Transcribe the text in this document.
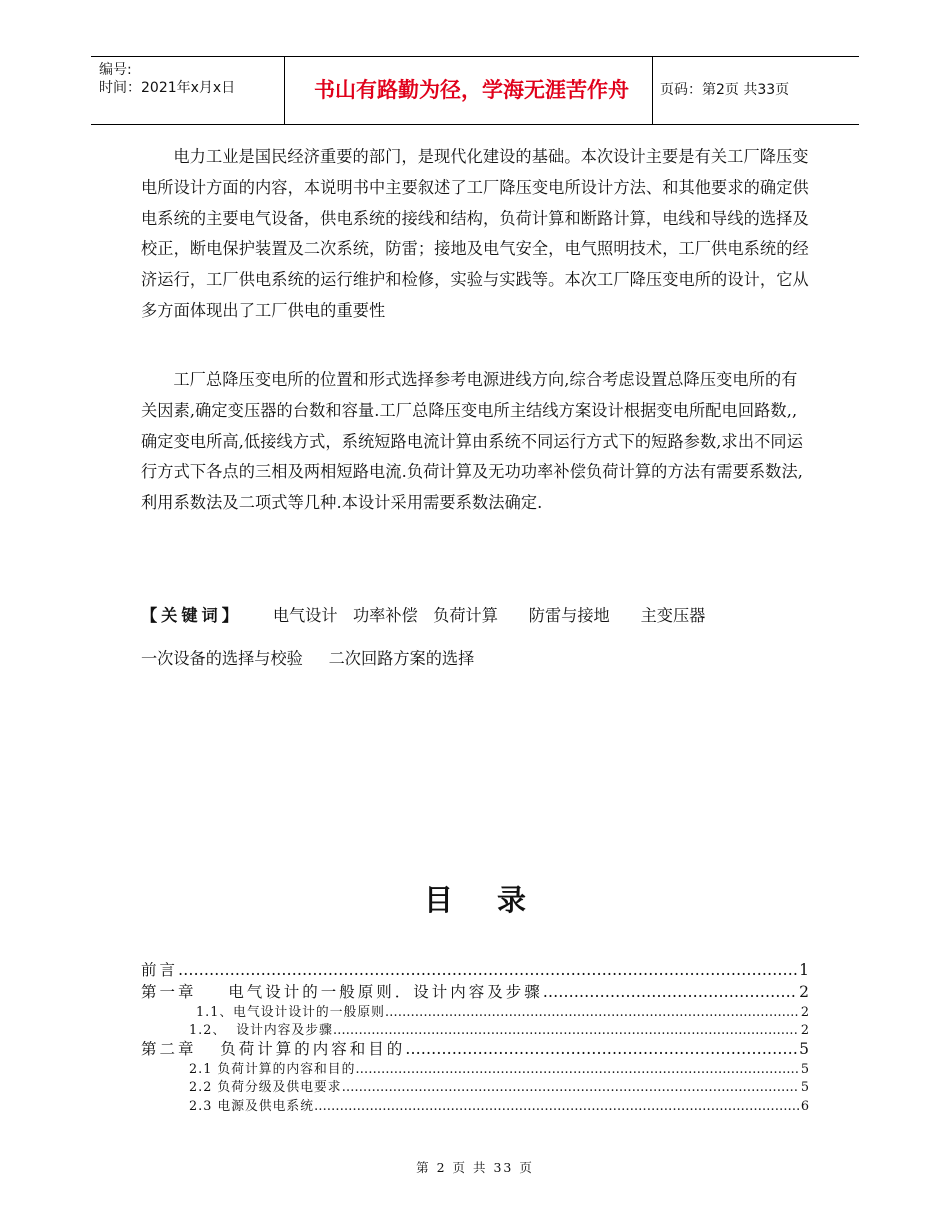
编号:
时间：2021年x月x日	书山有路勤为径，学海无涯苦作舟	页码：第2页 共33页

电力工业是国民经济重要的部门，是现代化建设的基础。本次设计主要是有关工厂降压变电所设计方面的内容，本说明书中主要叙述了工厂降压变电所设计方法、和其他要求的确定供电系统的主要电气设备，供电系统的接线和结构，负荷计算和断路计算，电线和导线的选择及校正，断电保护装置及二次系统，防雷；接地及电气安全，电气照明技术，工厂供电系统的经济运行，工厂供电系统的运行维护和检修，实验与实践等。本次工厂降压变电所的设计，它从多方面体现出了工厂供电的重要性

工厂总降压变电所的位置和形式选择参考电源进线方向,综合考虑设置总降压变电所的有关因素,确定变压器的台数和容量.工厂总降压变电所主结线方案设计根据变电所配电回路数,,确定变电所高,低接线方式，系统短路电流计算由系统不同运行方式下的短路参数,求出不同运行方式下各点的三相及两相短路电流.负荷计算及无功功率补偿负荷计算的方法有需要系数法,利用系数法及二项式等几种.本设计采用需要系数法确定.

【关键词】 电气设计   功率补偿   负荷计算      防雷与接地      主变压器
一次设备的选择与校验     二次回路方案的选择
目录
前言 …………………………………………………………………………………………………………………………………………………………………………	1
第一章    电气设计的一般原则．设计内容及步骤 …………………………………………………………………………………………………………………………………………………………………………	2
1.1、电气设计设计的一般原则 …………………………………………………………………………………………………………………………………………………………………………	2
1.2、  设计内容及步骤 …………………………………………………………………………………………………………………………………………………………………………	2
第二章   负荷计算的内容和目的 …………………………………………………………………………………………………………………………………………………………………………	5
2.1 负荷计算的内容和目的 …………………………………………………………………………………………………………………………………………………………………………	5
2.2 负荷分级及供电要求 …………………………………………………………………………………………………………………………………………………………………………	5
2.3 电源及供电系统 …………………………………………………………………………………………………………………………………………………………………………	6
第 2 页 共 33 页
